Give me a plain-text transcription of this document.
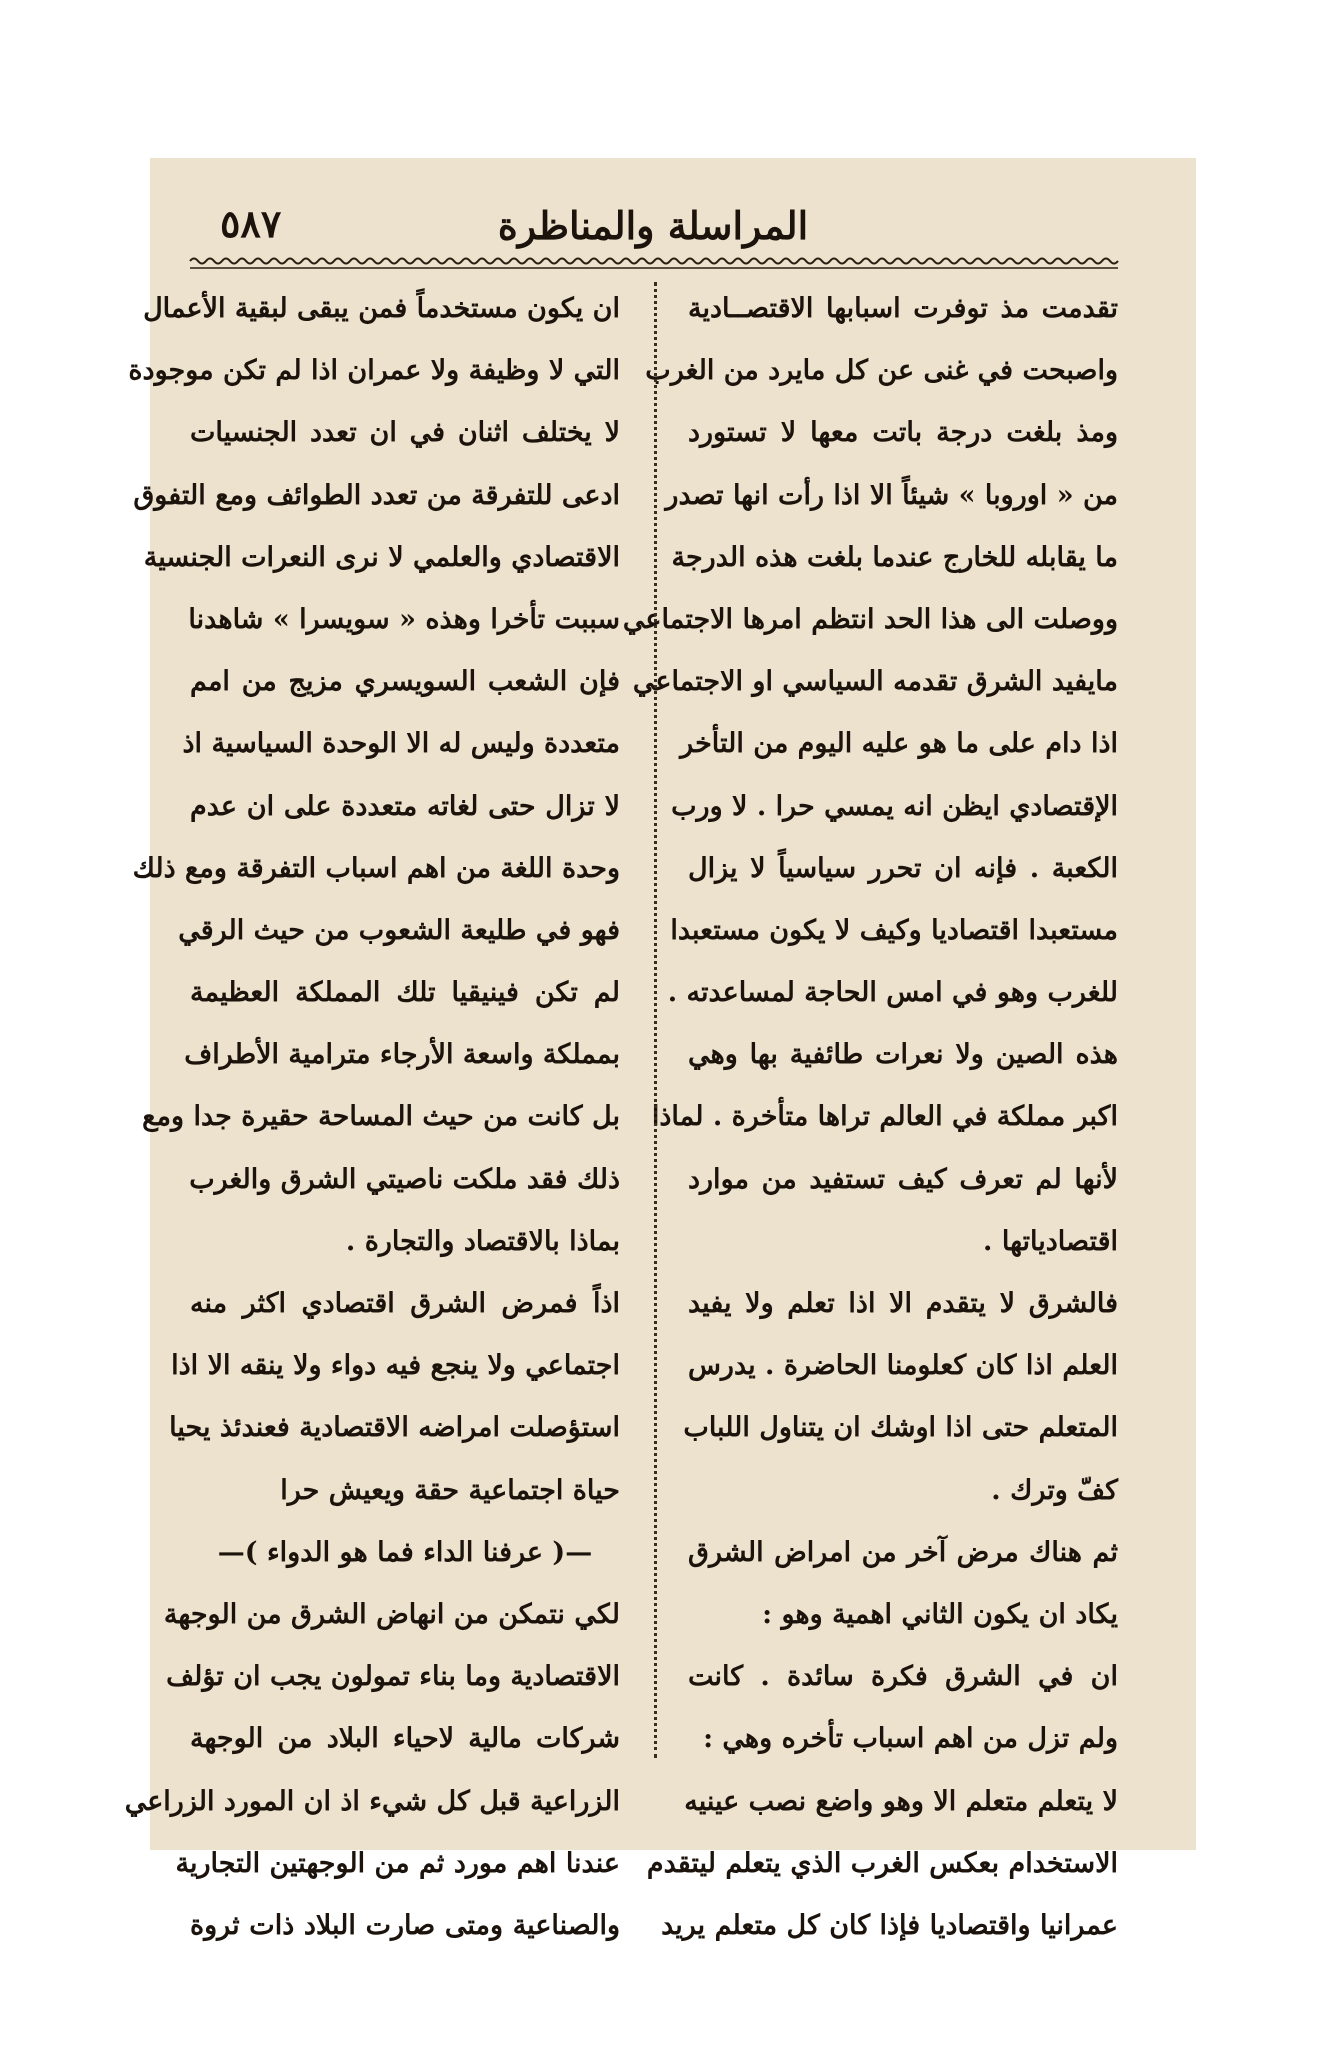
المراسلة والمناظرة
٥٨٧
تقدمت مذ توفرت اسبابها الاقتصــادية
واصبحت في غنى عن كل مايرد من الغرب
ومذ بلغت درجة باتت معها لا تستورد
من « اوروبا » شيئاً الا اذا رأت انها تصدر
ما يقابله للخارج عندما بلغت هذه الدرجة
ووصلت الى هذا الحد انتظم امرها الاجتماعي
مايفيد الشرق تقدمه السياسي او الاجتماعي
اذا دام على ما هو عليه اليوم من التأخر
الإقتصادي ايظن انه يمسي حرا . لا ورب
الكعبة . فإنه ان تحرر سياسياً لا يزال
مستعبدا اقتصاديا وكيف لا يكون مستعبدا
للغرب وهو في امس الحاجة لمساعدته .
هذه الصين ولا نعرات طائفية بها وهي
اكبر مملكة في العالم تراها متأخرة . لماذا
لأنها لم تعرف كيف تستفيد من موارد
اقتصادياتها .
فالشرق لا يتقدم الا اذا تعلم ولا يفيد
العلم اذا كان كعلومنا الحاضرة . يدرس
المتعلم حتى اذا اوشك ان يتناول اللباب
كفّ وترك .
ثم هناك مرض آخر من امراض الشرق
يكاد ان يكون الثاني اهمية وهو :
ان في الشرق فكرة سائدة . كانت
ولم تزل من اهم اسباب تأخره وهي :
لا يتعلم متعلم الا وهو واضع نصب عينيه
الاستخدام بعكس الغرب الذي يتعلم ليتقدم
عمرانيا واقتصاديا فإذا كان كل متعلم يريد
ان يكون مستخدماً فمن يبقى لبقية الأعمال
التي لا وظيفة ولا عمران اذا لم تكن موجودة
لا يختلف اثنان في ان تعدد الجنسيات
ادعى للتفرقة من تعدد الطوائف ومع التفوق
الاقتصادي والعلمي لا نرى النعرات الجنسية
سببت تأخرا وهذه « سويسرا » شاهدنا
فإن الشعب السويسري مزيج من امم
متعددة وليس له الا الوحدة السياسية اذ
لا تزال حتى لغاته متعددة على ان عدم
وحدة اللغة من اهم اسباب التفرقة ومع ذلك
فهو في طليعة الشعوب من حيث الرقي
لم تكن فينيقيا تلك المملكة العظيمة
بمملكة واسعة الأرجاء مترامية الأطراف
بل كانت من حيث المساحة حقيرة جدا ومع
ذلك فقد ملكت ناصيتي الشرق والغرب
بماذا بالاقتصاد والتجارة .
اذاً فمرض الشرق اقتصادي اكثر منه
اجتماعي ولا ينجع فيه دواء ولا ينقه الا اذا
استؤصلت امراضه الاقتصادية فعندئذ يحيا
حياة اجتماعية حقة ويعيش حرا
—( عرفنا الداء فما هو الدواء )—
لكي نتمكن من انهاض الشرق من الوجهة
الاقتصادية وما بناء تمولون يجب ان تؤلف
شركات مالية لاحياء البلاد من الوجهة
الزراعية قبل كل شيء اذ ان المورد الزراعي
عندنا اهم مورد ثم من الوجهتين التجارية
والصناعية ومتى صارت البلاد ذات ثروة
